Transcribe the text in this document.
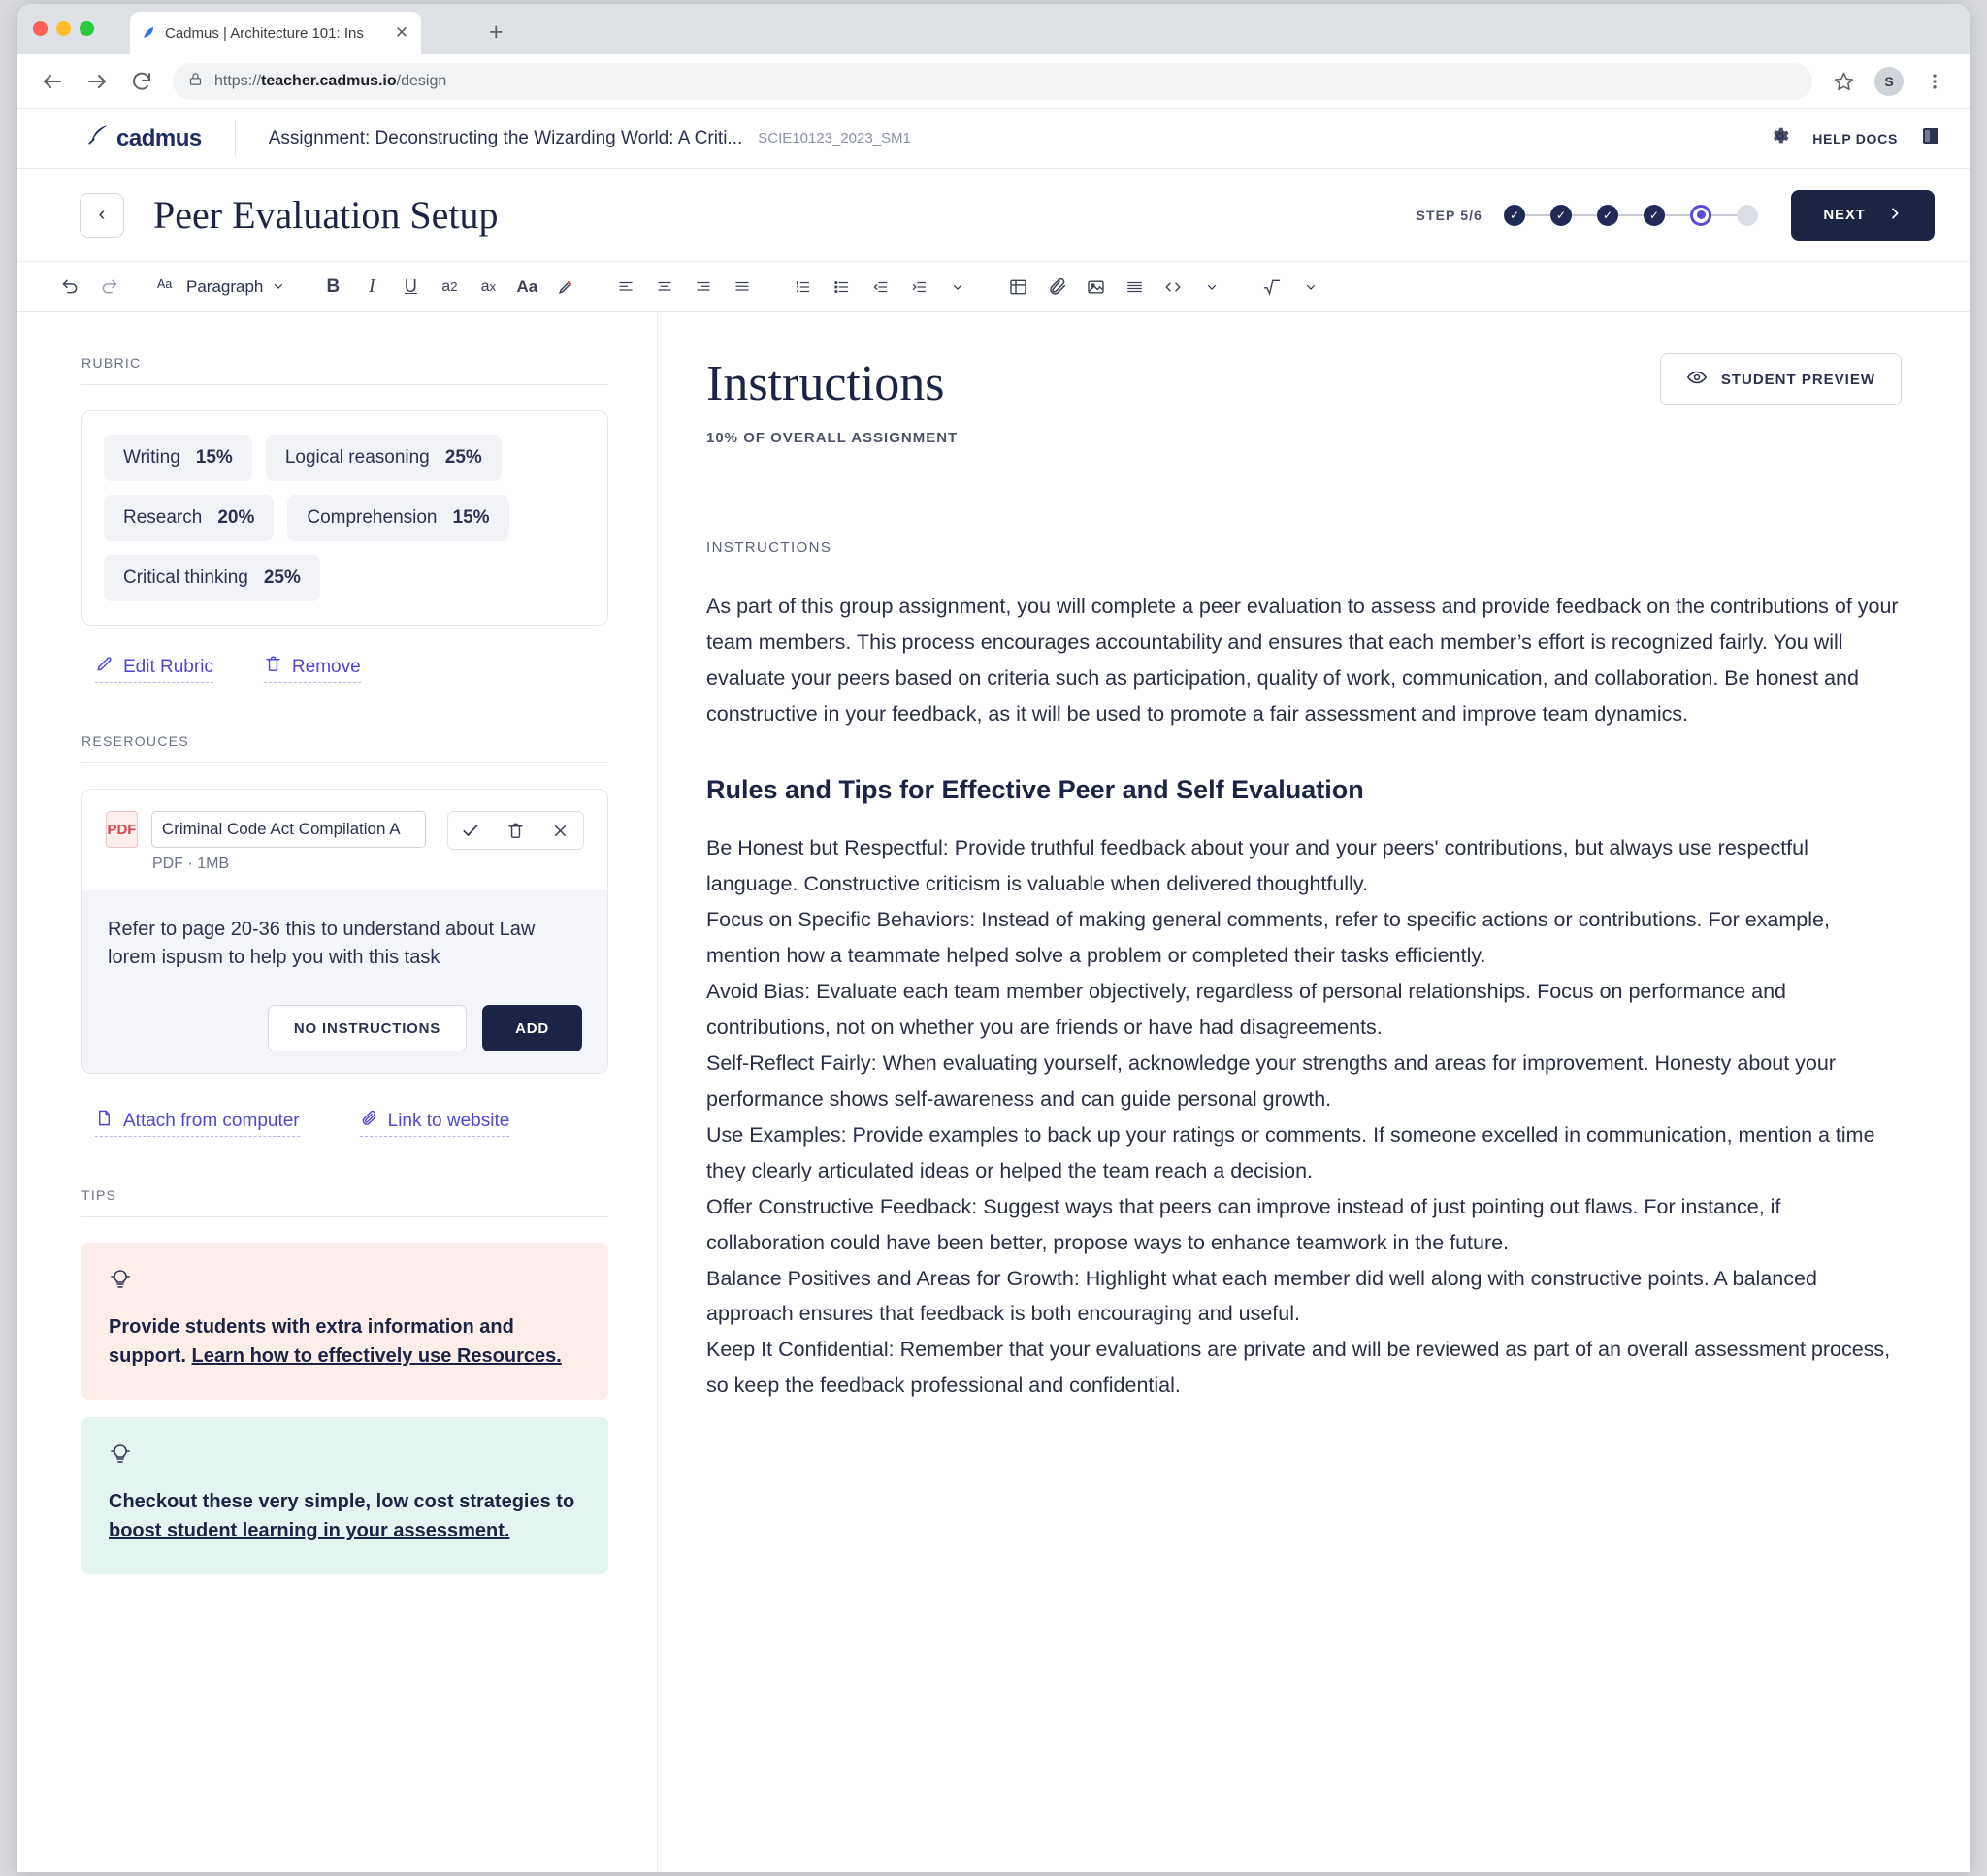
Cadmus | Architecture 101: Ins	✕	+
https://teacher.cadmus.io/design	S
cadmus	Assignment: Deconstructing the Wizarding World: A Criti... SCIE10123_2023_SM1	HELP DOCS
‹	Peer Evaluation Setup	STEP 5/6	✓	✓	✓	✓	NEXT
Aa Paragraph	B I U	a 2	a x Aa
RUBRIC
Writing 15%	Logical reasoning 25%
Research 20%	Comprehension 15%
Critical thinking 25%
Edit Rubric	Remove
RESEROUCES
PDF
Criminal Code Act Compilation A
PDF · 1MB

Refer to page 20-36 this to understand about Law lorem ispusm to help you with this task

NO INSTRUCTIONS	ADD
Attach from computer	Link to website
TIPS

Provide students with extra information and support. Learn how to effectively use Resources.

Checkout these very simple, low cost strategies to boost student learning in your assessment.

STUDENT PREVIEW
Instructions
10% OF OVERALL ASSIGNMENT
INSTRUCTIONS

As part of this group assignment, you will complete a peer evaluation to assess and provide feedback on the contributions of your team members. This process encourages accountability and ensures that each member’s effort is recognized fairly. You will evaluate your peers based on criteria such as participation, quality of work, communication, and collaboration. Be honest and constructive in your feedback, as it will be used to promote a fair assessment and improve team dynamics.

Rules and Tips for Effective Peer and Self Evaluation

Be Honest but Respectful: Provide truthful feedback about your and your peers' contributions, but always use respectful language. Constructive criticism is valuable when delivered thoughtfully.

Focus on Specific Behaviors: Instead of making general comments, refer to specific actions or contributions. For example, mention how a teammate helped solve a problem or completed their tasks efficiently.

Avoid Bias: Evaluate each team member objectively, regardless of personal relationships. Focus on performance and contributions, not on whether you are friends or have had disagreements.

Self-Reflect Fairly: When evaluating yourself, acknowledge your strengths and areas for improvement. Honesty about your performance shows self-awareness and can guide personal growth.

Use Examples: Provide examples to back up your ratings or comments. If someone excelled in communication, mention a time they clearly articulated ideas or helped the team reach a decision.

Offer Constructive Feedback: Suggest ways that peers can improve instead of just pointing out flaws. For instance, if collaboration could have been better, propose ways to enhance teamwork in the future.

Balance Positives and Areas for Growth: Highlight what each member did well along with constructive points. A balanced approach ensures that feedback is both encouraging and useful.

Keep It Confidential: Remember that your evaluations are private and will be reviewed as part of an overall assessment process, so keep the feedback professional and confidential.
